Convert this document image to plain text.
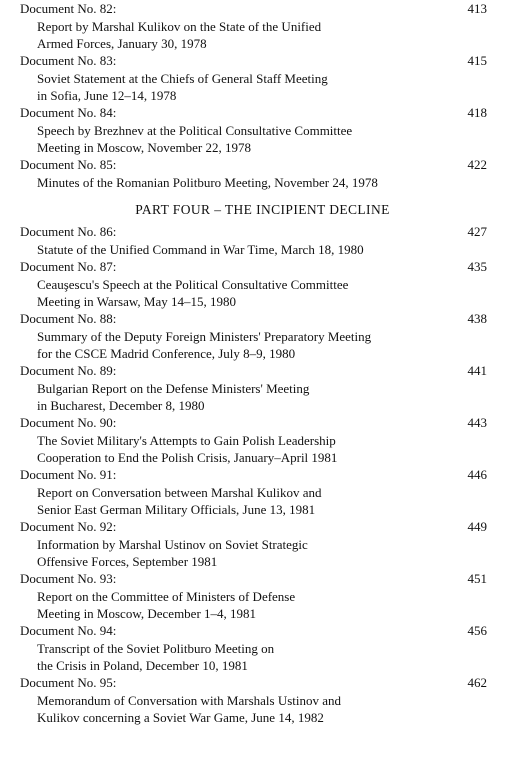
Document No. 82:	413
Report by Marshal Kulikov on the State of the Unified
Armed Forces, January 30, 1978
Document No. 83:	415
Soviet Statement at the Chiefs of General Staff Meeting
in Sofia, June 12–14, 1978
Document No. 84:	418
Speech by Brezhnev at the Political Consultative Committee
Meeting in Moscow, November 22, 1978
Document No. 85:	422
Minutes of the Romanian Politburo Meeting, November 24, 1978
PART FOUR – THE INCIPIENT DECLINE
Document No. 86:	427
Statute of the Unified Command in War Time, March 18, 1980
Document No. 87:	435
Ceauşescu's Speech at the Political Consultative Committee
Meeting in Warsaw, May 14–15, 1980
Document No. 88:	438
Summary of the Deputy Foreign Ministers' Preparatory Meeting
for the CSCE Madrid Conference, July 8–9, 1980
Document No. 89:	441
Bulgarian Report on the Defense Ministers' Meeting
in Bucharest, December 8, 1980
Document No. 90:	443
The Soviet Military's Attempts to Gain Polish Leadership
Cooperation to End the Polish Crisis, January–April 1981
Document No. 91:	446
Report on Conversation between Marshal Kulikov and
Senior East German Military Officials, June 13, 1981
Document No. 92:	449
Information by Marshal Ustinov on Soviet Strategic
Offensive Forces, September 1981
Document No. 93:	451
Report on the Committee of Ministers of Defense
Meeting in Moscow, December 1–4, 1981
Document No. 94:	456
Transcript of the Soviet Politburo Meeting on
the Crisis in Poland, December 10, 1981
Document No. 95:	462
Memorandum of Conversation with Marshals Ustinov and
Kulikov concerning a Soviet War Game, June 14, 1982
